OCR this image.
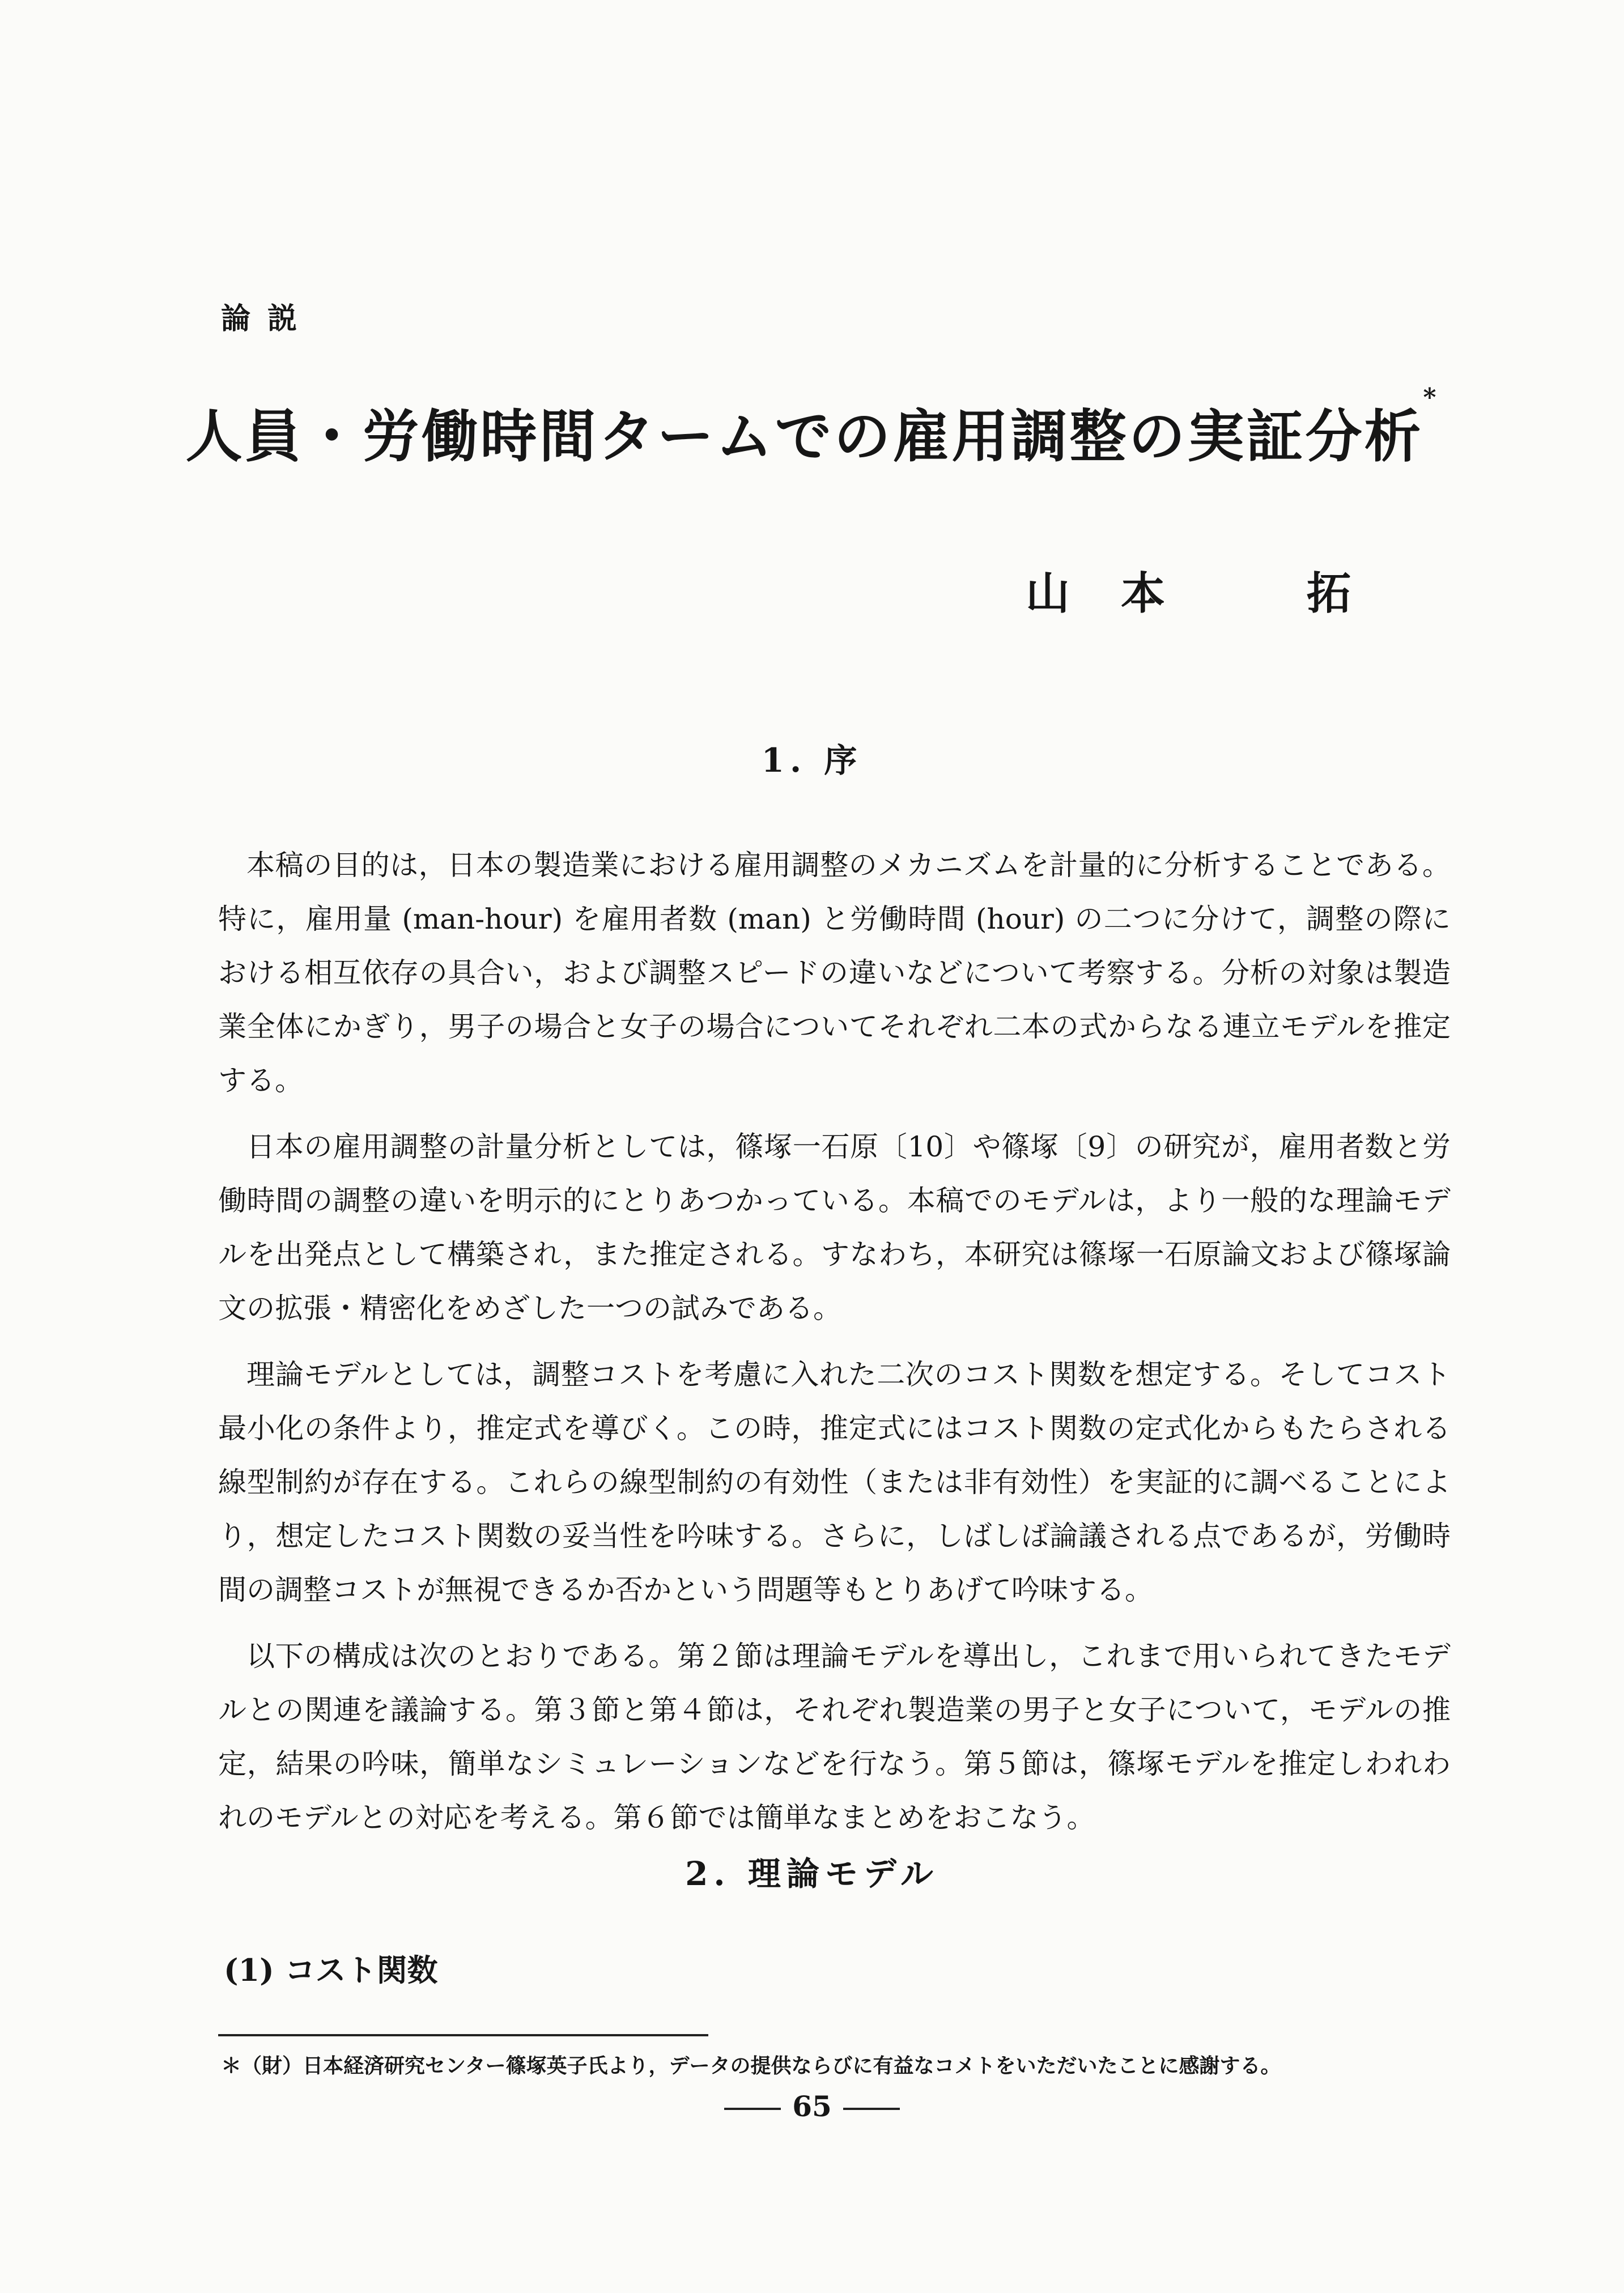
論説
人員・労働時間タームでの雇用調整の実証分析*
山 本	拓
1. 序

本稿の目的は，日本の製造業における雇用調整のメカニズムを計量的に分析することである。特に，雇用量 (man-hour) を雇用者数 (man) と労働時間 (hour) の二つに分けて，調整の際における相互依存の具合い，および調整スピードの違いなどについて考察する。分析の対象は製造業全体にかぎり，男子の場合と女子の場合についてそれぞれ二本の式からなる連立モデルを推定する。

日本の雇用調整の計量分析としては，篠塚一石原〔10〕や篠塚〔9〕の研究が，雇用者数と労働時間の調整の違いを明示的にとりあつかっている。本稿でのモデルは，より一般的な理論モデルを出発点として構築され，また推定される。すなわち，本研究は篠塚一石原論文および篠塚論文の拡張・精密化をめざした一つの試みである。

理論モデルとしては，調整コストを考慮に入れた二次のコスト関数を想定する。そしてコスト最小化の条件より，推定式を導びく。この時，推定式にはコスト関数の定式化からもたらされる線型制約が存在する。これらの線型制約の有効性（または非有効性）を実証的に調べることにより，想定したコスト関数の妥当性を吟味する。さらに，しばしば論議される点であるが，労働時間の調整コストが無視できるか否かという問題等もとりあげて吟味する。

以下の構成は次のとおりである。第２節は理論モデルを導出し，これまで用いられてきたモデルとの関連を議論する。第３節と第４節は，それぞれ製造業の男子と女子について，モデルの推定，結果の吟味，簡単なシミュレーションなどを行なう。第５節は，篠塚モデルを推定しわれわれのモデルとの対応を考える。第６節では簡単なまとめをおこなう。

2. 理論モデル
(1) コスト関数
＊（財）日本経済研究センター篠塚英子氏より，データの提供ならびに有益なコメトをいただいたことに感謝する。
65
